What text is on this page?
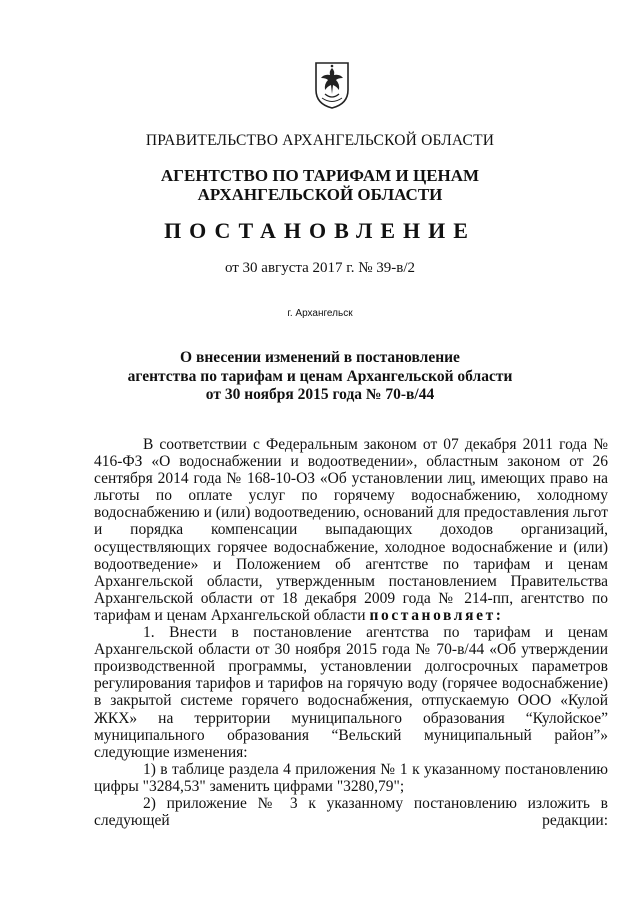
ПРАВИТЕЛЬСТВО АРХАНГЕЛЬСКОЙ ОБЛАСТИ
АГЕНТСТВО ПО ТАРИФАМ И ЦЕНАМ
АРХАНГЕЛЬСКОЙ ОБЛАСТИ
ПОСТАНОВЛЕНИЕ
от 30 августа 2017 г. № 39-в/2
г. Архангельск
О внесении изменений в постановление
агентства по тарифам и ценам Архангельской области
от 30 ноября 2015 года № 70-в/44

В соответствии с Федеральным законом от 07 декабря 2011 года № 416-ФЗ «О водоснабжении и водоотведении», областным законом от 26 сентября 2014 года № 168-10-ОЗ «Об установлении лиц, имеющих право на льготы по оплате услуг по горячему водоснабжению, холодному водоснабжению и (или) водоотведению, оснований для предоставления льгот и порядка компенсации выпадающих доходов организаций, осуществляющих горячее водоснабжение, холодное водоснабжение и (или) водоотведение» и Положением об агентстве по тарифам и ценам Архангельской области, утвержденным постановлением Правительства Архангельской области от 18 декабря 2009 года № 214-пп, агентство по тарифам и ценам Архангельской области постановляет:

1. Внести в постановление агентства по тарифам и ценам Архангельской области от 30 ноября 2015 года № 70-в/44 «Об утверждении производственной программы, установлении долгосрочных параметров регулирования тарифов и тарифов на горячую воду (горячее водоснабжение) в закрытой системе горячего водоснабжения, отпускаемую ООО «Кулой ЖКХ» на территории муниципального образования “Кулойское” муниципального образования “Вельский муниципальный район”» следующие изменения:

1) в таблице раздела 4 приложения № 1 к указанному постановлению цифры "3284,53" заменить цифрами "3280,79";

2) приложение № 3 к указанному постановлению изложить в следующей редакции:
